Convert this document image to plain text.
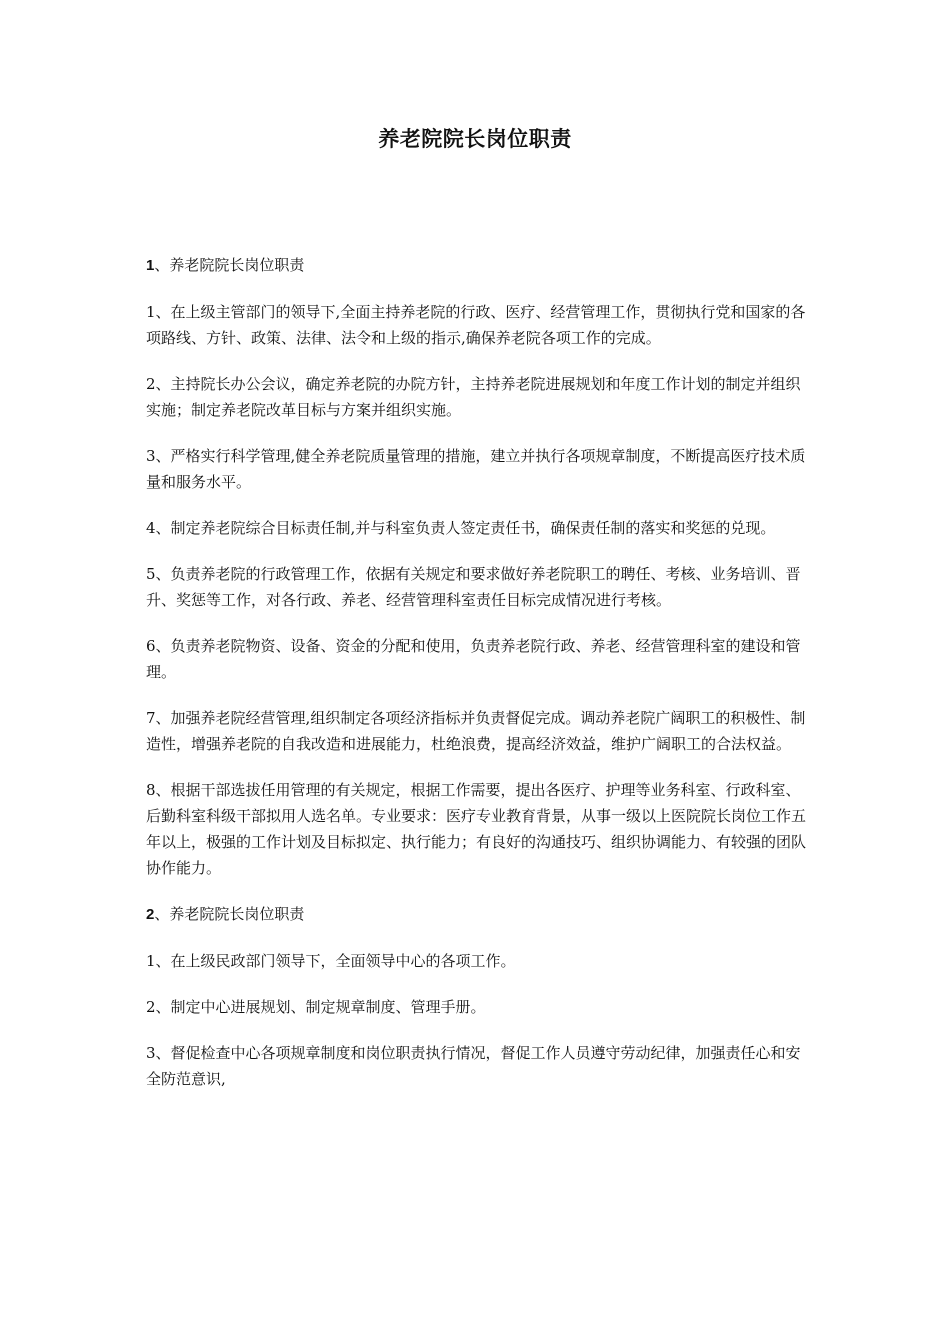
养老院院长岗位职责
1、养老院院长岗位职责

1、在上级主管部门的领导下,全面主持养老院的行政、医疗、经营管理工作，贯彻执行党和国家的各项路线、方针、政策、法律、法令和上级的指示,确保养老院各项工作的完成。

2、主持院长办公会议，确定养老院的办院方针，主持养老院进展规划和年度工作计划的制定并组织实施；制定养老院改革目标与方案并组织实施。

3、严格实行科学管理,健全养老院质量管理的措施，建立并执行各项规章制度，不断提高医疗技术质量和服务水平。

4、制定养老院综合目标责任制,并与科室负责人签定责任书，确保责任制的落实和奖惩的兑现。

5、负责养老院的行政管理工作，依据有关规定和要求做好养老院职工的聘任、考核、业务培训、晋升、奖惩等工作，对各行政、养老、经营管理科室责任目标完成情况进行考核。

6、负责养老院物资、设备、资金的分配和使用，负责养老院行政、养老、经营管理科室的建设和管理。

7、加强养老院经营管理,组织制定各项经济指标并负责督促完成。调动养老院广阔职工的积极性、制造性，增强养老院的自我改造和进展能力，杜绝浪费，提高经济效益，维护广阔职工的合法权益。

8、根据干部选拔任用管理的有关规定，根据工作需要，提出各医疗、护理等业务科室、行政科室、后勤科室科级干部拟用人选名单。专业要求：医疗专业教育背景，从事一级以上医院院长岗位工作五年以上，极强的工作计划及目标拟定、执行能力；有良好的沟通技巧、组织协调能力、有较强的团队协作能力。

2、养老院院长岗位职责

1、在上级民政部门领导下，全面领导中心的各项工作。

2、制定中心进展规划、制定规章制度、管理手册。

3、督促检查中心各项规章制度和岗位职责执行情况，督促工作人员遵守劳动纪律，加强责任心和安全防范意识,
